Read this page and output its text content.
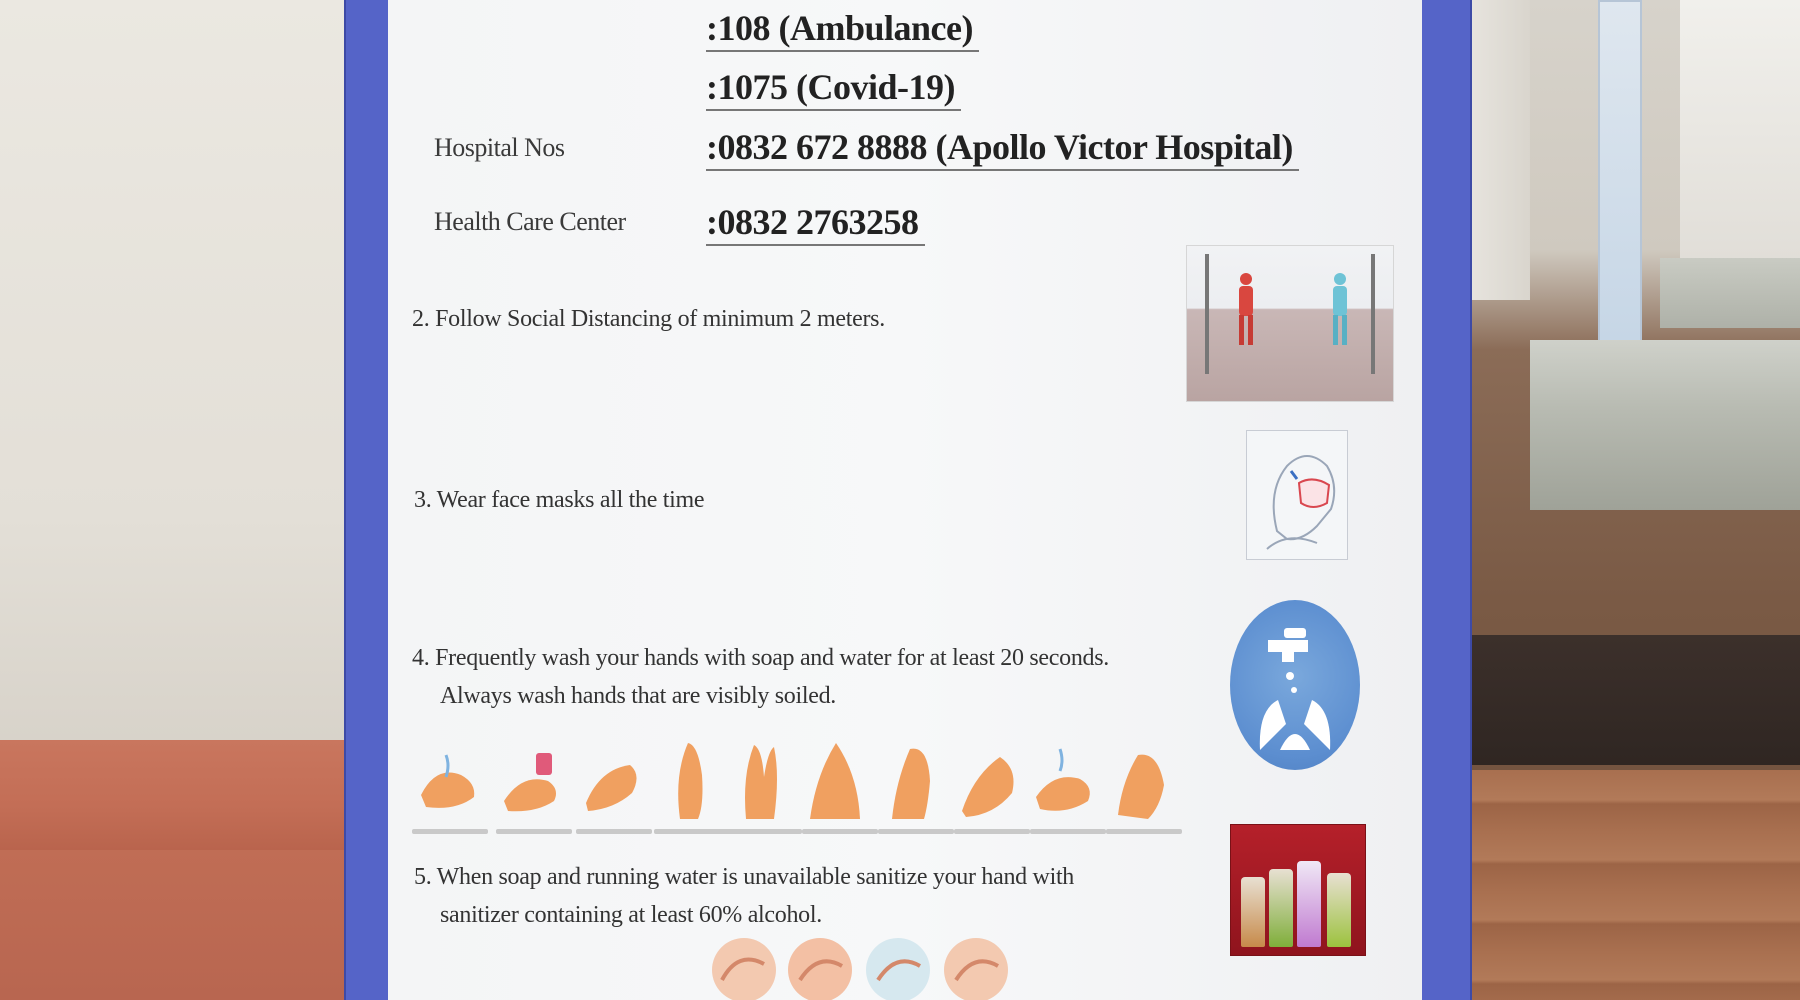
:108 (Ambulance)
:1075 (Covid-19)
Hospital Nos	:0832 672 8888 (Apollo Victor Hospital)
Health Care Center :0832 2763258
2. Follow Social Distancing of minimum 2 meters.
3. Wear face masks all the time
4. Frequently wash your hands with soap and water for at least 20 seconds.
Always wash hands that are visibly soiled.
5. When soap and running water is unavailable sanitize your hand with
sanitizer containing at least 60% alcohol.
